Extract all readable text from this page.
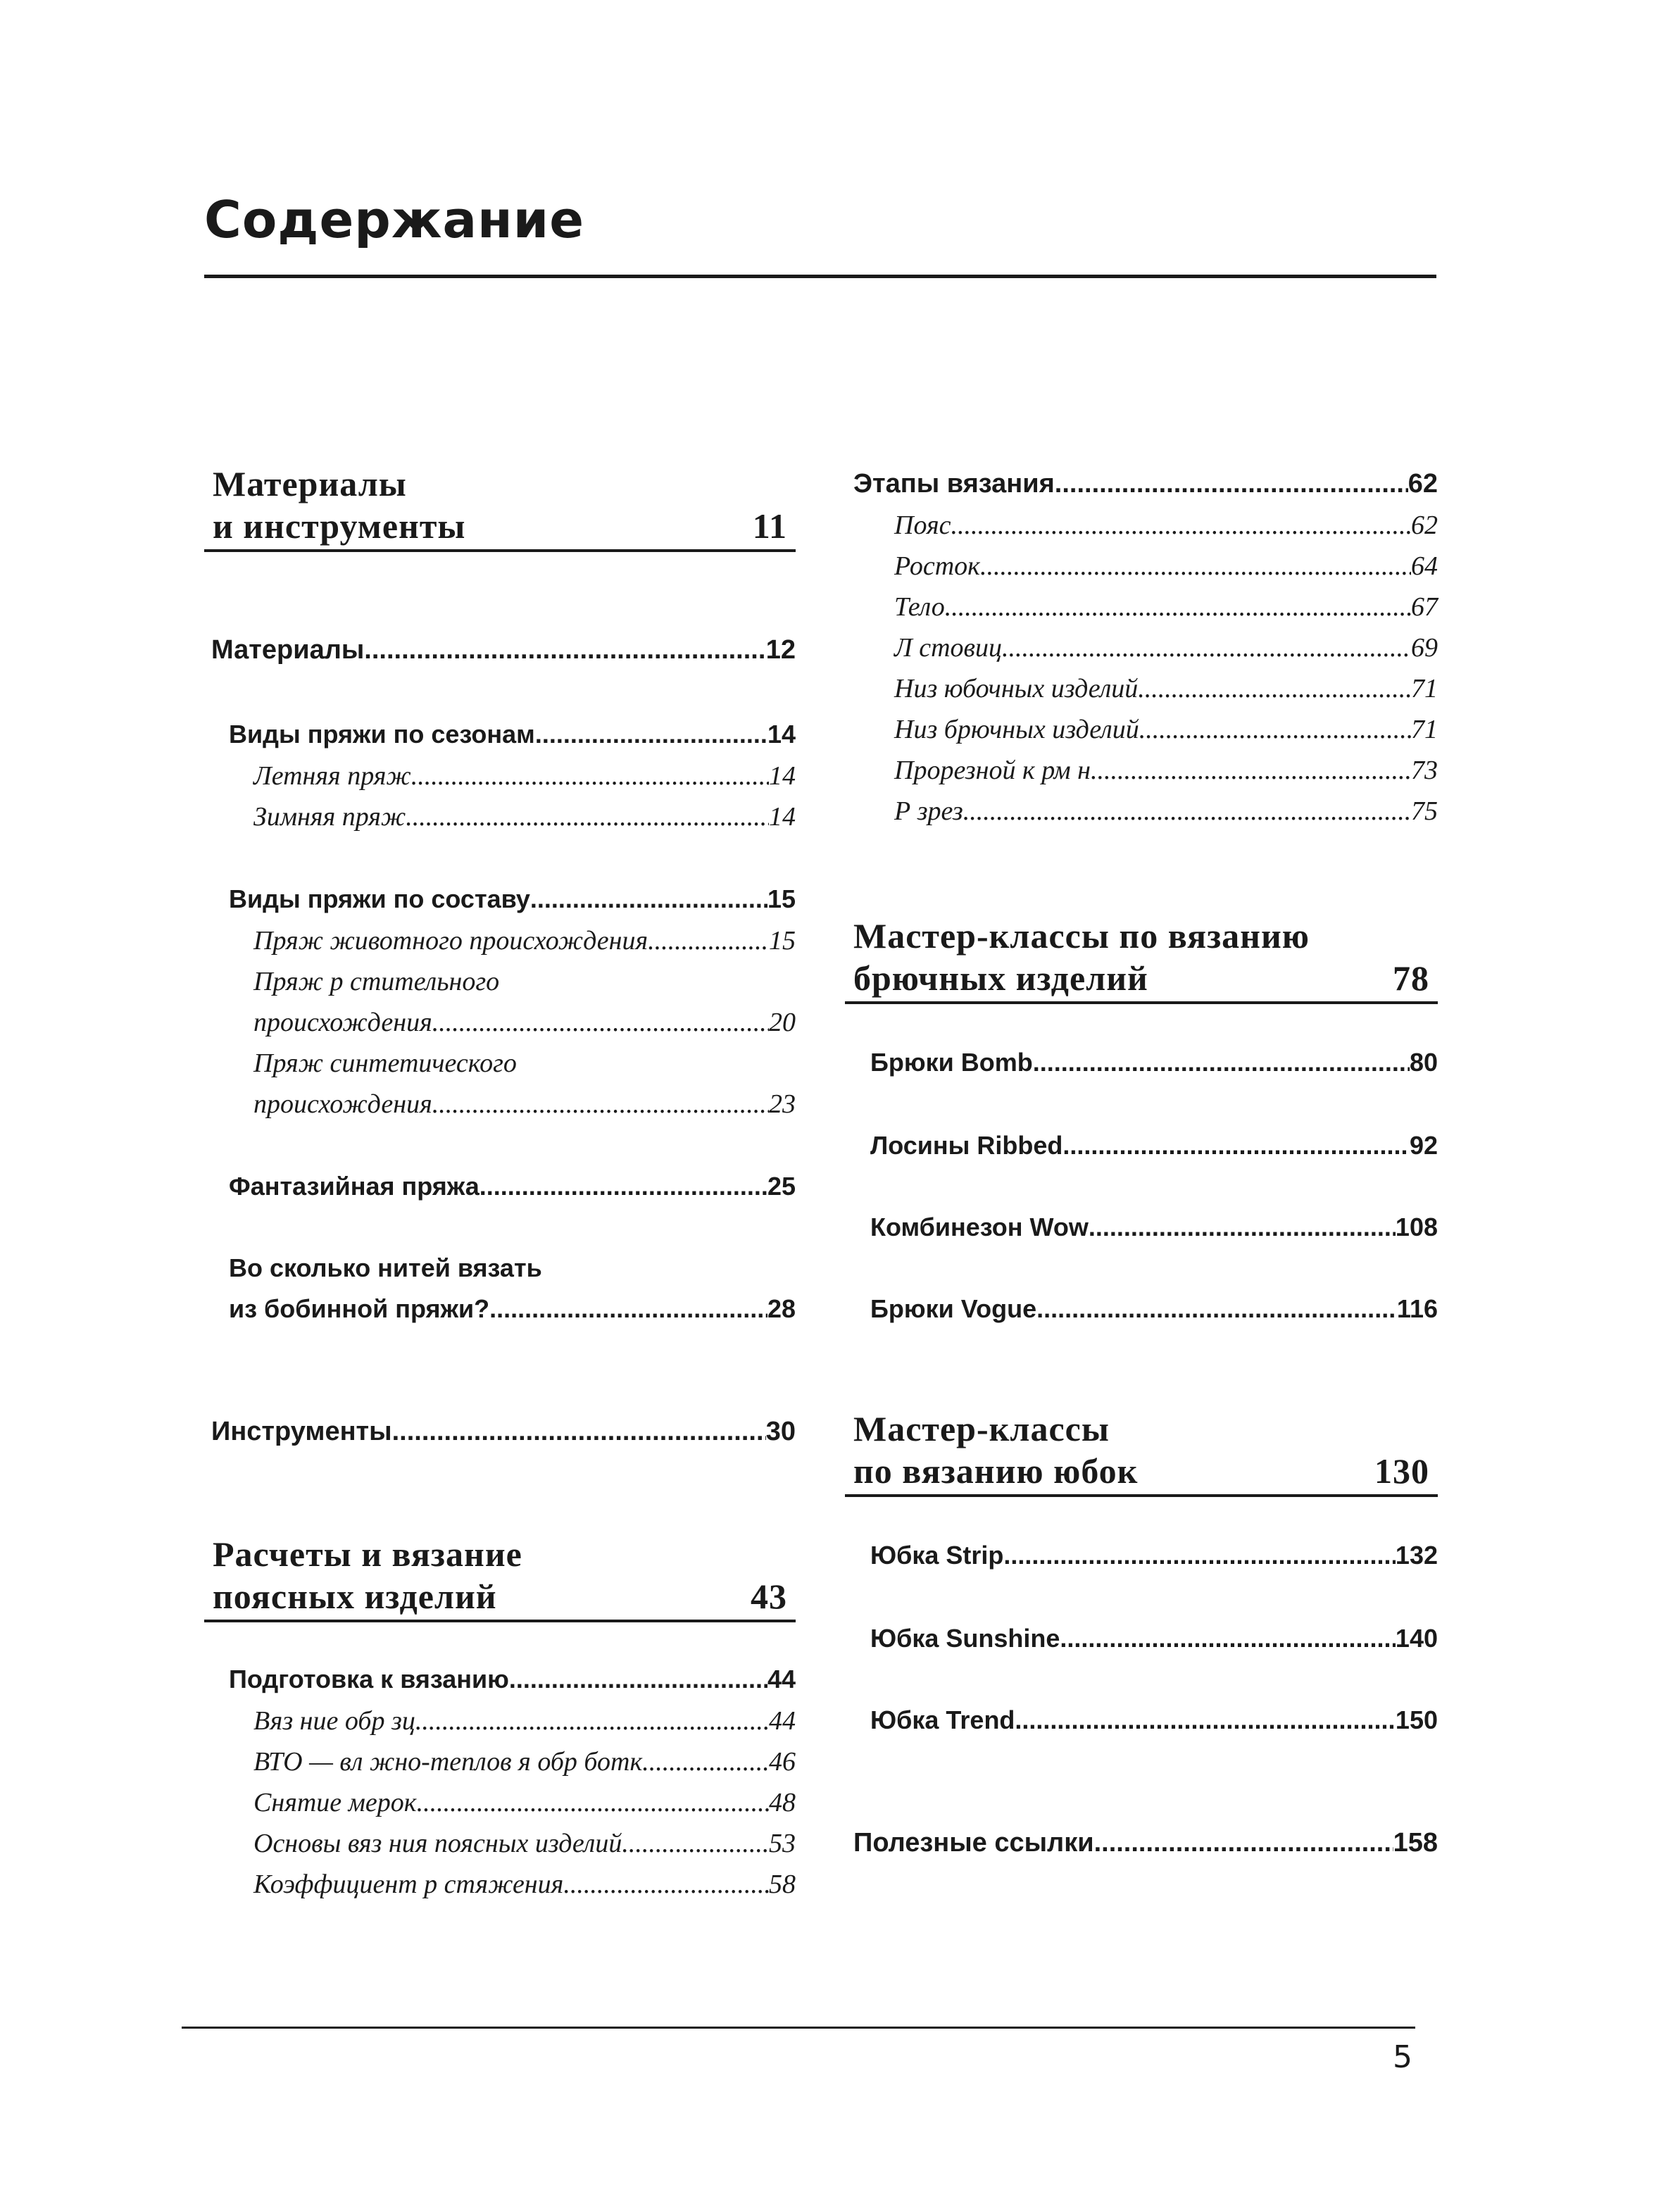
Содержание
Материалы
и инструменты	11
Материалы .....	12
Виды пряжи по сезонам .....	14
Летняя пряж .....	14
Зимняя пряж .....	14
Виды пряжи по составу .....	15
Пряж животного происхождения .....	15
Пряж р стительного
происхождения .....	20
Пряж синтетического
происхождения .....	23
Фантазийная пряжа .....	25
Во сколько нитей вязать
из бобинной пряжи? .....	28
Инструменты .....	30
Расчеты и вязание
поясных изделий	43
Подготовка к вязанию .....	44
Вяз ние обр зц .....	44
ВТО — вл жно-теплов я обр ботк .....	46
Снятие мерок .....	48
Основы вяз ния поясных изделий .....	53
Коэффициент р стяжения .....	58
Этапы вязания .....	62
Пояс .....	62
Росток .....	64
Тело .....	67
Л стовиц .....	69
Низ юбочных изделий .....	71
Низ брючных изделий .....	71
Прорезной к рм н .....	73
Р зрез .....	75
Мастер-классы по вязанию
брючных изделий	78
Брюки Bomb .....	80
Лосины Ribbed .....	92
Комбинезон Wow .....	108
Брюки Vogue .....	116
Мастер-классы
по вязанию юбок	130
Юбка Strip .....	132
Юбка Sunshine .....	140
Юбка Trend .....	150
Полезные ссылки .....	158
5
